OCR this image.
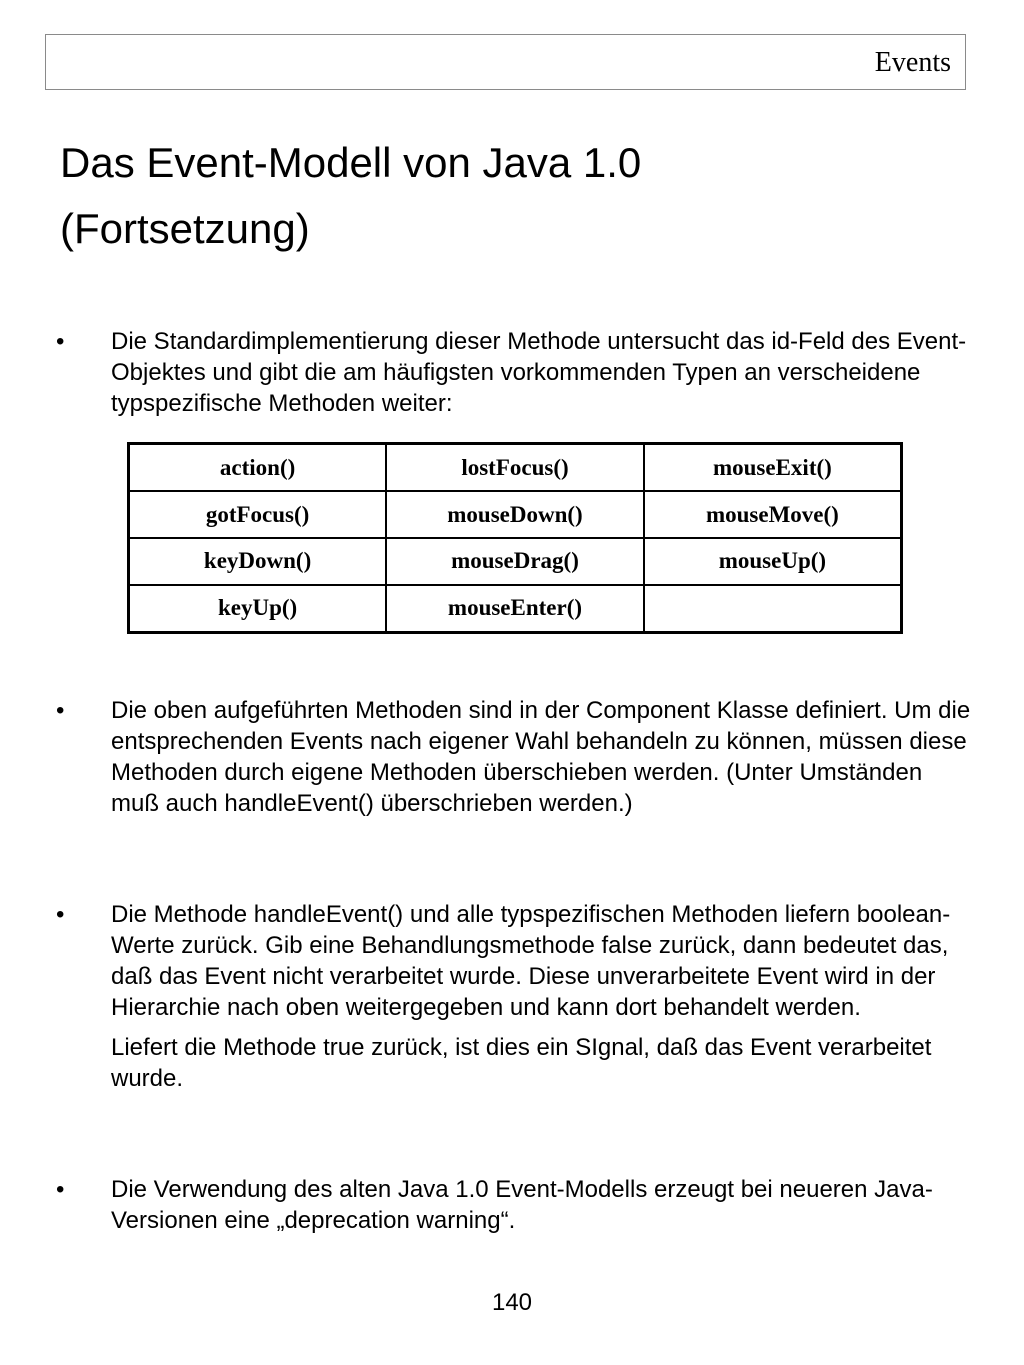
Events
Das Event-Modell von Java 1.0
(Fortsetzung)
•	Die Standardimplementierung dieser Methode untersucht das id-Feld des Event-Objektes und gibt die am häufigsten vorkommenden Typen an verscheidene typspezifische Methoden weiter:

action()	lostFocus()	mouseExit()
gotFocus()	mouseDown()	mouseMove()
keyDown()	mouseDrag()	mouseUp()
keyUp()	mouseEnter()	
•	Die oben aufgeführten Methoden sind in der Component Klasse definiert. Um die entsprechenden Events nach eigener Wahl behandeln zu können, müssen diese Methoden durch eigene Methoden überschieben werden. (Unter Umständen muß auch handleEvent() überschrieben werden.)

•	Die Methode handleEvent() und alle typspezifischen Methoden liefern boolean-Werte zurück. Gib eine Behandlungsmethode false zurück, dann bedeutet das, daß das Event nicht verarbeitet wurde. Diese unverarbeitete Event wird in der Hierarchie nach oben weitergegeben und kann dort behandelt werden.

Liefert die Methode true zurück, ist dies ein SIgnal, daß das Event verarbeitet wurde.

•	Die Verwendung des alten Java 1.0 Event-Modells erzeugt bei neueren Java-Versionen eine „deprecation warning“.

140
